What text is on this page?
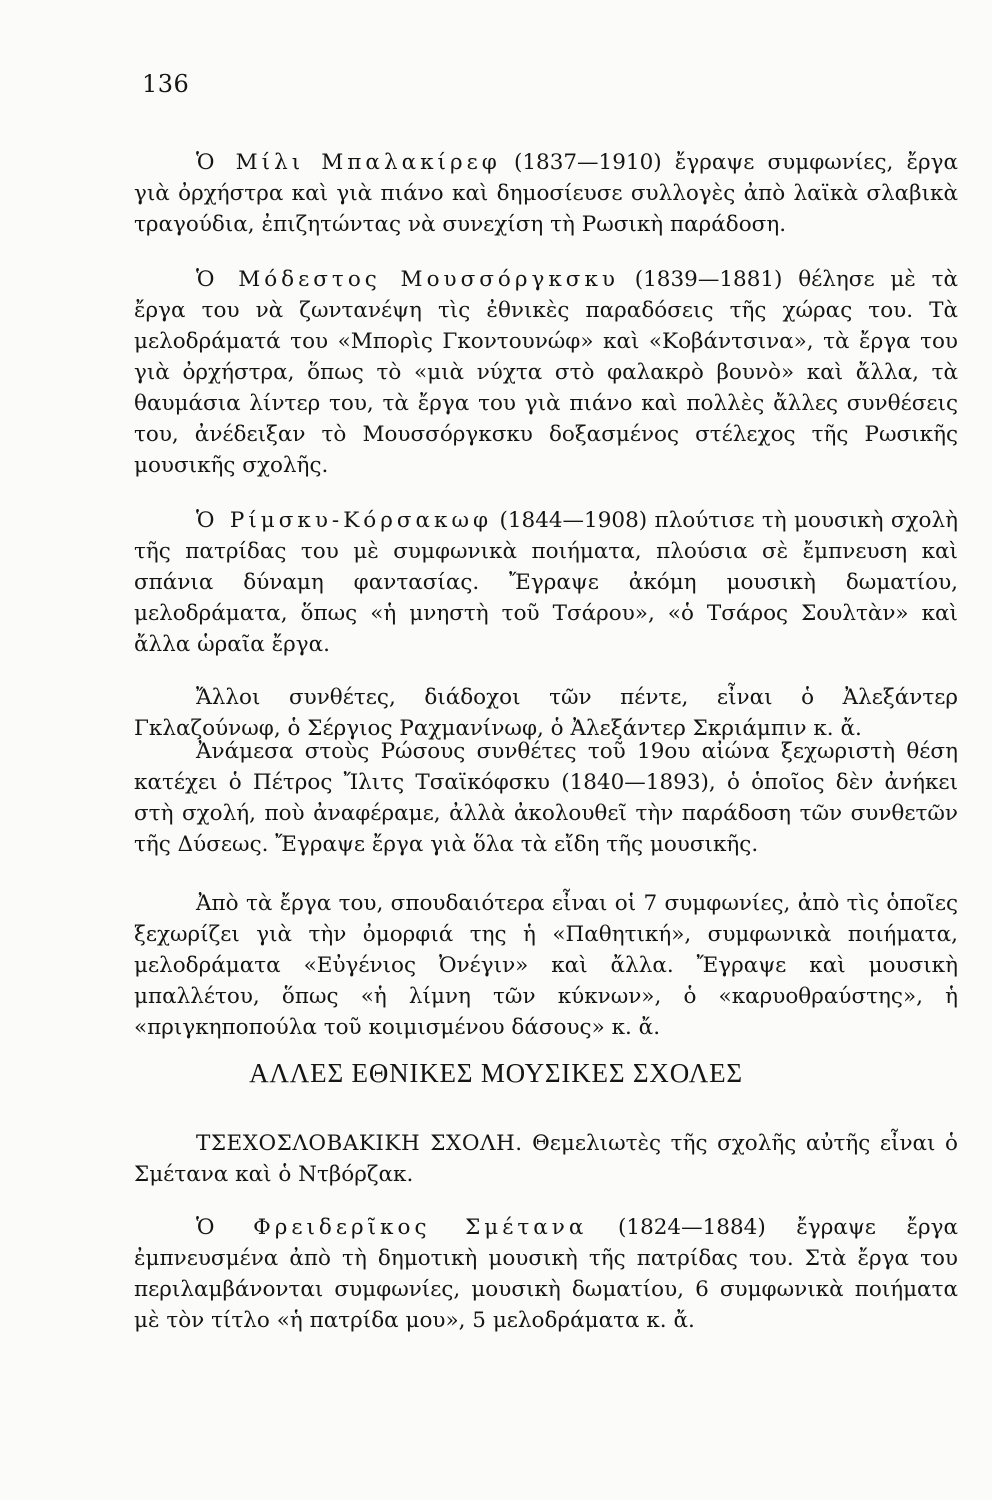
136

Ὁ Μίλι Μπαλακίρεφ (1837—1910) ἔγραψε συμφωνίες, ἔργα γιὰ ὀρχήστρα καὶ γιὰ πιάνο καὶ δημοσίευσε συλλογὲς ἀπὸ λαϊκὰ σλαβικὰ τραγούδια, ἐπιζητώντας νὰ συνεχίση τὴ Ρωσικὴ παράδοση.

Ὁ Μόδεστος Μουσσόργκσκυ (1839—1881) θέλησε μὲ τὰ ἔργα του νὰ ζωντανέψη τὶς ἐθνικὲς παραδόσεις τῆς χώρας του. Τὰ μελοδράματά του «Μπορὶς Γκοντουνώφ» καὶ «Κοβάντσινα», τὰ ἔργα του γιὰ ὀρχήστρα, ὅπως τὸ «μιὰ νύχτα στὸ φαλακρὸ βουνὸ» καὶ ἄλλα, τὰ θαυμάσια λίντερ του, τὰ ἔργα του γιὰ πιάνο καὶ πολλὲς ἄλλες συνθέσεις του, ἀνέδειξαν τὸ Μουσσόργκσκυ δοξασμένος στέλεχος τῆς Ρωσικῆς μουσικῆς σχολῆς.

Ὁ Ρίμσκυ-Κόρσακωφ (1844—1908) πλούτισε τὴ μουσικὴ σχολὴ τῆς πατρίδας του μὲ συμφωνικὰ ποιήματα, πλούσια σὲ ἔμπνευση καὶ σπάνια δύναμη φαντασίας. Ἔγραψε ἀκόμη μουσικὴ δωματίου, μελοδράματα, ὅπως «ἡ μνηστὴ τοῦ Τσάρου», «ὁ Τσάρος Σουλτὰν» καὶ ἄλλα ὡραῖα ἔργα.

Ἄλλοι συνθέτες, διάδοχοι τῶν πέντε, εἶναι ὁ Ἀλεξάντερ Γκλαζούνωφ, ὁ Σέργιος Ραχμανίνωφ, ὁ Ἀλεξάντερ Σκριάμπιν κ. ἄ.

Ἀνάμεσα στοὺς Ρώσους συνθέτες τοῦ 19ου αἰώνα ξεχωριστὴ θέση κατέχει ὁ Πέτρος Ἴλιτς Τσαϊκόφσκυ (1840—1893), ὁ ὁποῖος δὲν ἀνήκει στὴ σχολή, ποὺ ἀναφέραμε, ἀλλὰ ἀκολουθεῖ τὴν παράδοση τῶν συνθετῶν τῆς Δύσεως. Ἔγραψε ἔργα γιὰ ὅλα τὰ εἴδη τῆς μουσικῆς.

Ἀπὸ τὰ ἔργα του, σπουδαιότερα εἶναι οἱ 7 συμφωνίες, ἀπὸ τὶς ὁποῖες ξεχωρίζει γιὰ τὴν ὀμορφιά της ἡ «Παθητική», συμφωνικὰ ποιήματα, μελοδράματα «Εὐγένιος Ὀνέγιν» καὶ ἄλλα. Ἔγραψε καὶ μουσικὴ μπαλλέτου, ὅπως «ἡ λίμνη τῶν κύκνων», ὁ «καρυοθραύστης», ἡ «πριγκηποπούλα τοῦ κοιμισμένου δάσους» κ. ἄ.

ΑΛΛΕΣ ΕΘΝΙΚΕΣ ΜΟΥΣΙΚΕΣ ΣΧΟΛΕΣ

ΤΣΕΧΟΣΛΟΒΑΚΙΚΗ ΣΧΟΛΗ. Θεμελιωτὲς τῆς σχολῆς αὐτῆς εἶναι ὁ Σμέτανα καὶ ὁ Ντβόρζακ.

Ὁ Φρειδερῖκος Σμέτανα (1824—1884) ἔγραψε ἔργα ἐμπνευσμένα ἀπὸ τὴ δημοτικὴ μουσικὴ τῆς πατρίδας του. Στὰ ἔργα του περιλαμβάνονται συμφωνίες, μουσικὴ δωματίου, 6 συμφωνικὰ ποιήματα μὲ τὸν τίτλο «ἡ πατρίδα μου», 5 μελοδράματα κ. ἄ.
